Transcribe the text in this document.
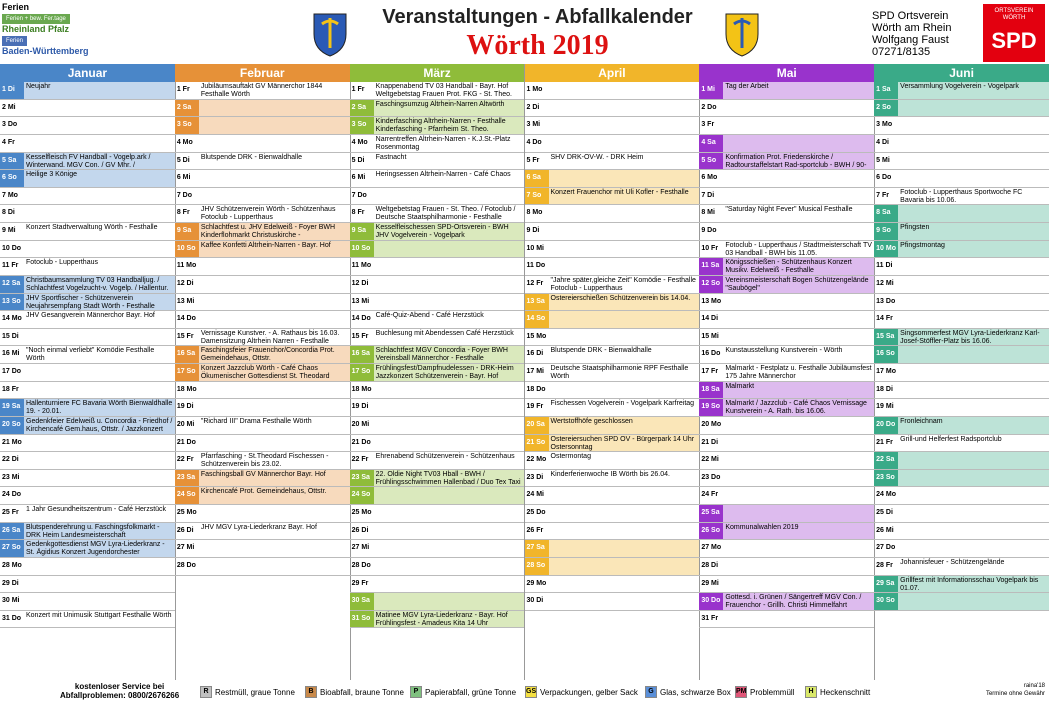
Ferien
Ferien + bew. Fer.tage
Rheinland Pfalz
Ferien
Baden-Württemberg
Veranstaltungen - Abfallkalender
Wörth 2019
SPD Ortsverein
Wörth am Rhein
Wolfgang Faust
07271/8135
ORTSVEREIN WÖRTH
SPD
Januar
1 Di	Neujahr
2 Mi
3 Do
4 Fr
5 Sa	Kesselfleisch FV Handball - Vogelp.ark / Winterwand. MGV Con. / GV Mhr. /
6 So	Heilige 3 Könige
7 Mo
8 Di
9 Mi	Konzert Stadtverwaltung Wörth - Festhalle
10 Do
11 Fr	Fotoclub - Lupperthaus
12 Sa Christbaumsammlung TV 03 Handballjug. / Schlachtfest Vogelzucht-v. Vogelp. / Hallentur.
13 So JHV Sportfischer - Schützenverein Neujahrsempfang Stadt Wörth - Festhalle
14 Mo JHV Gesangverein Männerchor Bayr. Hof
15 Di
16 Mi "Noch einmal verliebt" Komödie Festhalle Wörth
17 Do
18 Fr
19 Sa Hallenturniere FC Bavaria Wörth Bienwaldhalle 19. - 20.01.
20 So Gedenkfeier Edelweiß u. Concordia - Friedhof / Kirchencafé Gem.haus, Ottstr. / Jazzkonzert
21 Mo
22 Di
23 Mi
24 Do
25 Fr	1 Jahr Gesundheitszentrum - Café Herzstück
26 Sa Blutspenderehrung u. Faschingsfolkmarkt - DRK Heim Landesmeisterschaft
27 So Gedenkgottesdienst MGV Lyra-Liederkranz - St. Ägidius Konzert Jugendorchester
28 Mo
29 Di
30 Mi
31 Do Konzert mit Unimusik Stuttgart Festhalle Wörth
Februar
1 Fr	Jubiläumsauftakt GV Männerchor 1844 Festhalle Wörth
2 Sa
3 So
4 Mo
5 Di	Blutspende DRK - Bienwaldhalle
6 Mi
7 Do
8 Fr	JHV Schützenverein Wörth - Schützenhaus Fotoclub - Lupperthaus
9 Sa	Schlachtfest u. JHV Edelweiß - Foyer BWH Kinderflohmarkt Christuskirche -
10 So Kaffee Konfetti Altrhein-Narren - Bayr. Hof
11 Mo
12 Di
13 Mi
14 Do
15 Fr	Vernissage Kunstver. - A. Rathaus bis 16.03. Damensitzung Altrhein Narren - Festhalle
16 Sa Faschingsfeier Frauenchor/Concordia Prot. Gemeindehaus, Ottstr.
17 So Konzert Jazzclub Wörth - Café Chaos Ökumenischer Gottesdienst St. Theodard
18 Mo
19 Di
20 Mi "Richard III" Drama Festhalle Wörth
21 Do
22 Fr	Pfarrfasching - St.Theodard Fischessen - Schützenverein bis 23.02.
23 Sa Faschingsball GV Männerchor Bayr. Hof
24 So Kirchencafé Prot. Gemeindehaus, Ottstr.
25 Mo
26 Di	JHV MGV Lyra-Liederkranz Bayr. Hof
27 Mi
28 Do
März
1 Fr	Knappenabend TV 03 Handball - Bayr. Hof Weltgebetstag Frauen Prot. FKG - St. Theo.
2 Sa	Faschingsumzug Altrhein-Narren Altwörth
3 So	Kinderfasching Altrhein-Narren - Festhalle Kinderfasching - Pfarrheim St. Theo.
4 Mo	Narrentreffen Altrhein-Narren - K.J.St.-Platz Rosenmontag
5 Di	Fastnacht
6 Mi	Heringsessen Altrhein-Narren - Café Chaos
7 Do
8 Fr	Weltgebetstag Frauen - St. Theo. / Fotoclub / Deutsche Staatsphilharmonie - Festhalle
9 Sa	Kesselfleischessen SPD-Ortsverein - BWH JHV Vogelverein - Vogelpark
10 So
11 Mo
12 Di
13 Mi
14 Do Café-Quiz-Abend - Café Herzstück
15 Fr	Buchlesung mit Abendessen Café Herzstück
16 Sa Schlachtfest MGV Concordia - Foyer BWH Vereinsball Männerchor - Festhalle
17 So Frühlingsfest/Dampfnudelessen - DRK-Heim Jazzkonzert Schützenverein - Bayr. Hof
18 Mo
19 Di
20 Mi
21 Do
22 Fr	Ehrenabend Schützenverein - Schützenhaus
23 Sa 22. Oldie Night TV03 Hball - BWH / Frühlingsschwimmen Hallenbad / Duo Tex Taxi
24 So
25 Mo
26 Di
27 Mi
28 Do
29 Fr
30 Sa
31 So Matinee MGV Lyra-Liederkranz - Bayr. Hof Frühlingsfest - Amadeus Kita 14 Uhr
April
1 Mo
2 Di
3 Mi
4 Do
5 Fr	SHV DRK-OV-W. - DRK Heim
6 Sa
7 So	Konzert Frauenchor mit Uli Kofler - Festhalle
8 Mo
9 Di
10 Mi
11 Do
12 Fr	"Jahre später,gleiche Zeit" Komödie - Festhalle Fotoclub - Lupperthaus
13 Sa Ostereierschießen Schützenverein bis 14.04.
14 So
15 Mo
16 Di	Blutspende DRK - Bienwaldhalle
17 Mi Deutsche Staatsphilharmonie RPF Festhalle Wörth
18 Do
19 Fr	Fischessen Vogelverein - Vogelpark Karfreitag
20 Sa Wertstoffhöfe geschlossen
21 So Ostereiersuchen SPD OV - Bürgerpark 14 Uhr Ostersonntag
22 Mo Ostermontag
23 Di	Kinderferienwoche IB Wörth bis 26.04.
24 Mi
25 Do
26 Fr
27 Sa
28 So
29 Mo
30 Di
Mai
1 Mi	Tag der Arbeit
2 Do
3 Fr
4 Sa
5 So	Konfirmation Prot. Friedenskirche / Radtourstaffelstart Rad-sportclub - BWH / 90-
6 Mo
7 Di
8 Mi	"Saturday Night Fever" Musical Festhalle
9 Do
10 Fr	Fotoclub - Lupperthaus / Stadtmeisterschaft TV 03 Handball - BWH bis 11.05.
11 Sa Königsschießen - Schützenhaus Konzert Musikv. Edelweiß - Festhalle
12 So Vereinsmeisterschaft Bogen Schützengelände "Saubögel"
13 Mo
14 Di
15 Mi
16 Do Kunstausstellung Kunstverein - Wörth
17 Fr	Malmarkt - Festplatz u. Festhalle Jubiläumsfest 175 Jahre Männerchor
18 Sa Malmarkt
19 So Malmarkt / Jazzclub - Café Chaos Vernissage Kunstverein - A. Rath. bis 16.06.
20 Mo
21 Di
22 Mi
23 Do
24 Fr
25 Sa
26 So Kommunalwahlen 2019
27 Mo
28 Di
29 Mi
30 Do Gottesd. i. Grünen / Sängertreff MGV Con. / Frauenchor - Grillh. Christi Himmelfahrt
31 Fr
Juni
1 Sa	Versammlung Vogelverein - Vogelpark
2 So
3 Mo
4 Di
5 Mi
6 Do
7 Fr	Fotoclub - Lupperthaus Sportwoche FC Bavaria bis 10.06.
8 Sa
9 So	Pfingsten
10 Mo Pfingstmontag
11 Di
12 Mi
13 Do
14 Fr
15 Sa Singsommerfest MGV Lyra-Liederkranz Karl-Josef-Stöffler-Platz bis 16.06.
16 So
17 Mo
18 Di
19 Mi
20 Do Fronleichnam
21 Fr	Grill-und Helferfest Radsportclub
22 Sa
23 So
24 Mo
25 Di
26 Mi
27 Do
28 Fr	Johannisfeuer - Schützengelände
29 Sa Grillfest mit Informationsschau Vogelpark bis 01.07.
30 So
kostenloser Service bei
Abfallproblemen: 0800/2676266	R Restmüll, graue Tonne	B Bioabfall, braune Tonne	P Papierabfall, grüne Tonne GS Verpackungen, gelber Sack	G Glas, schwarze Box PM Problemmüll	H Heckenschnitt
raina'18
Termine ohne Gewähr
